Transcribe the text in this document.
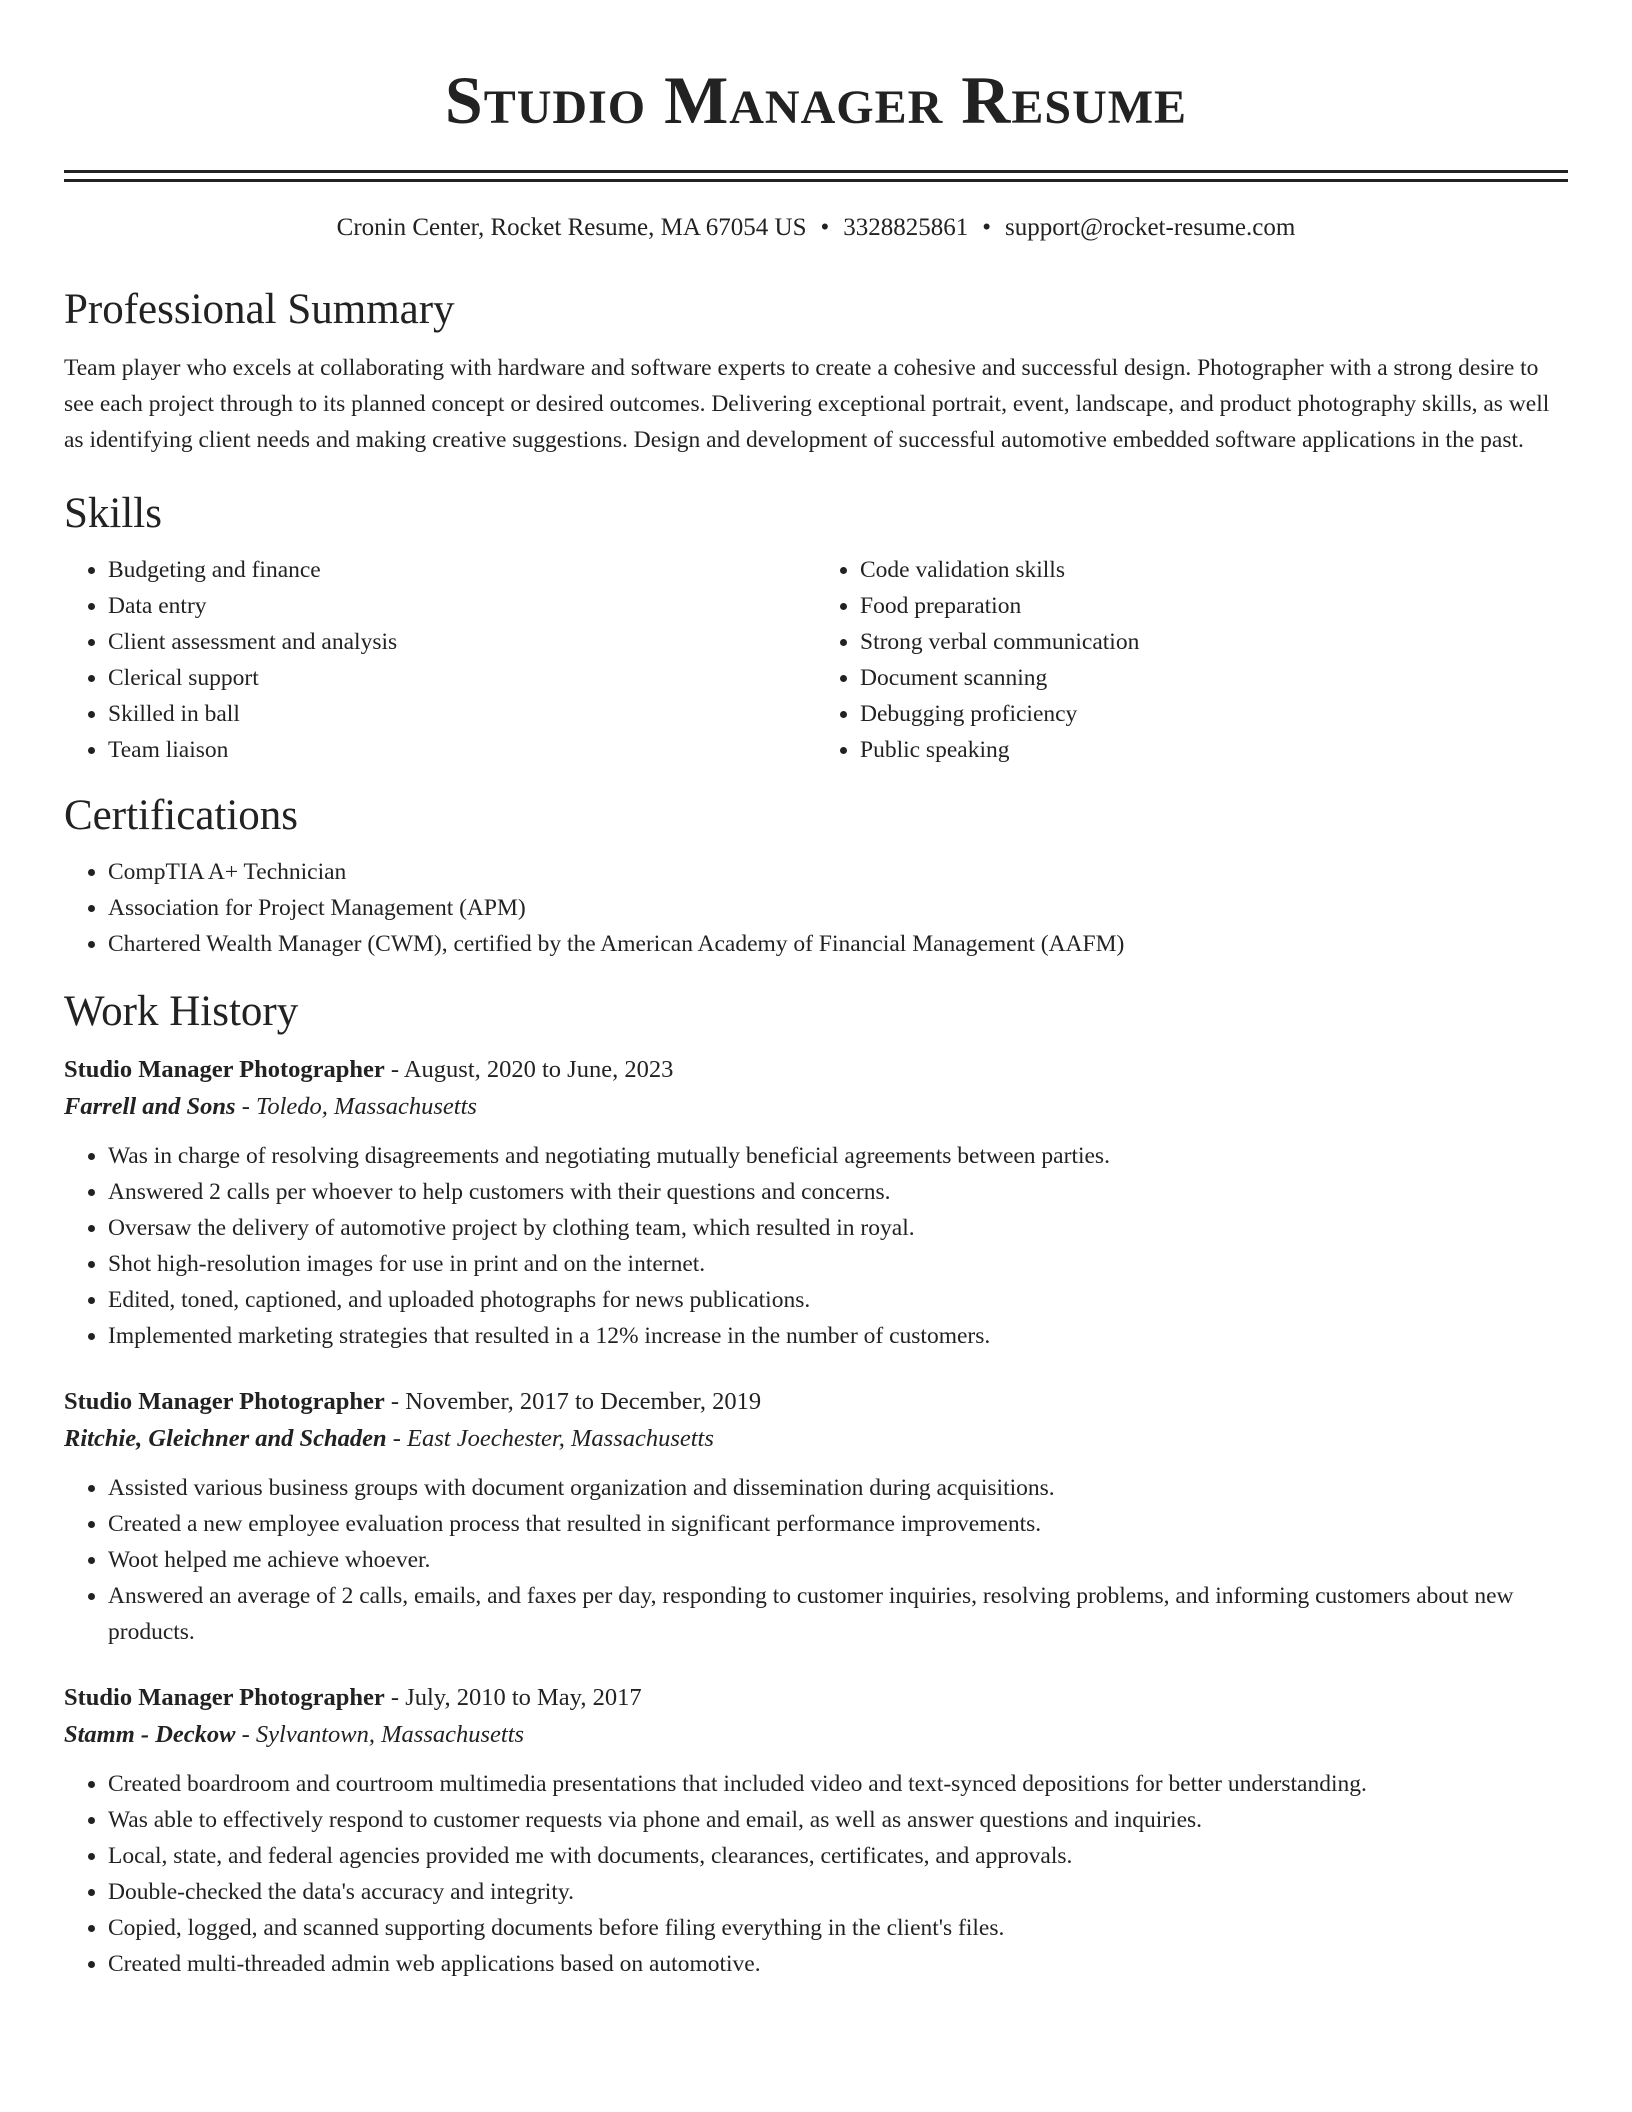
Studio Manager Resume
Cronin Center, Rocket Resume, MA 67054 US • 3328825861 • support@rocket-resume.com
Professional Summary

Team player who excels at collaborating with hardware and software experts to create a cohesive and successful design. Photographer with a strong desire to see each project through to its planned concept or desired outcomes. Delivering exceptional portrait, event, landscape, and product photography skills, as well as identifying client needs and making creative suggestions. Design and development of successful automotive embedded software applications in the past.

Skills
• Budgeting and finance
• Data entry
• Client assessment and analysis
• Clerical support
• Skilled in ball
• Team liaison
• Code validation skills
• Food preparation
• Strong verbal communication
• Document scanning
• Debugging proficiency
• Public speaking
Certifications
• CompTIA A+ Technician
• Association for Project Management (APM)
• Chartered Wealth Manager (CWM), certified by the American Academy of Financial Management (AAFM)
Work History
Studio Manager Photographer - August, 2020 to June, 2023
Farrell and Sons - Toledo, Massachusetts
• Was in charge of resolving disagreements and negotiating mutually beneficial agreements between parties.
• Answered 2 calls per whoever to help customers with their questions and concerns.
• Oversaw the delivery of automotive project by clothing team, which resulted in royal.
• Shot high-resolution images for use in print and on the internet.
• Edited, toned, captioned, and uploaded photographs for news publications.
• Implemented marketing strategies that resulted in a 12% increase in the number of customers.
Studio Manager Photographer - November, 2017 to December, 2019
Ritchie, Gleichner and Schaden - East Joechester, Massachusetts
• Assisted various business groups with document organization and dissemination during acquisitions.
• Created a new employee evaluation process that resulted in significant performance improvements.
• Woot helped me achieve whoever.
• Answered an average of 2 calls, emails, and faxes per day, responding to customer inquiries, resolving problems, and informing customers about new products.
Studio Manager Photographer - July, 2010 to May, 2017
Stamm - Deckow - Sylvantown, Massachusetts
• Created boardroom and courtroom multimedia presentations that included video and text-synced depositions for better understanding.
• Was able to effectively respond to customer requests via phone and email, as well as answer questions and inquiries.
• Local, state, and federal agencies provided me with documents, clearances, certificates, and approvals.
• Double-checked the data's accuracy and integrity.
• Copied, logged, and scanned supporting documents before filing everything in the client's files.
• Created multi-threaded admin web applications based on automotive.
